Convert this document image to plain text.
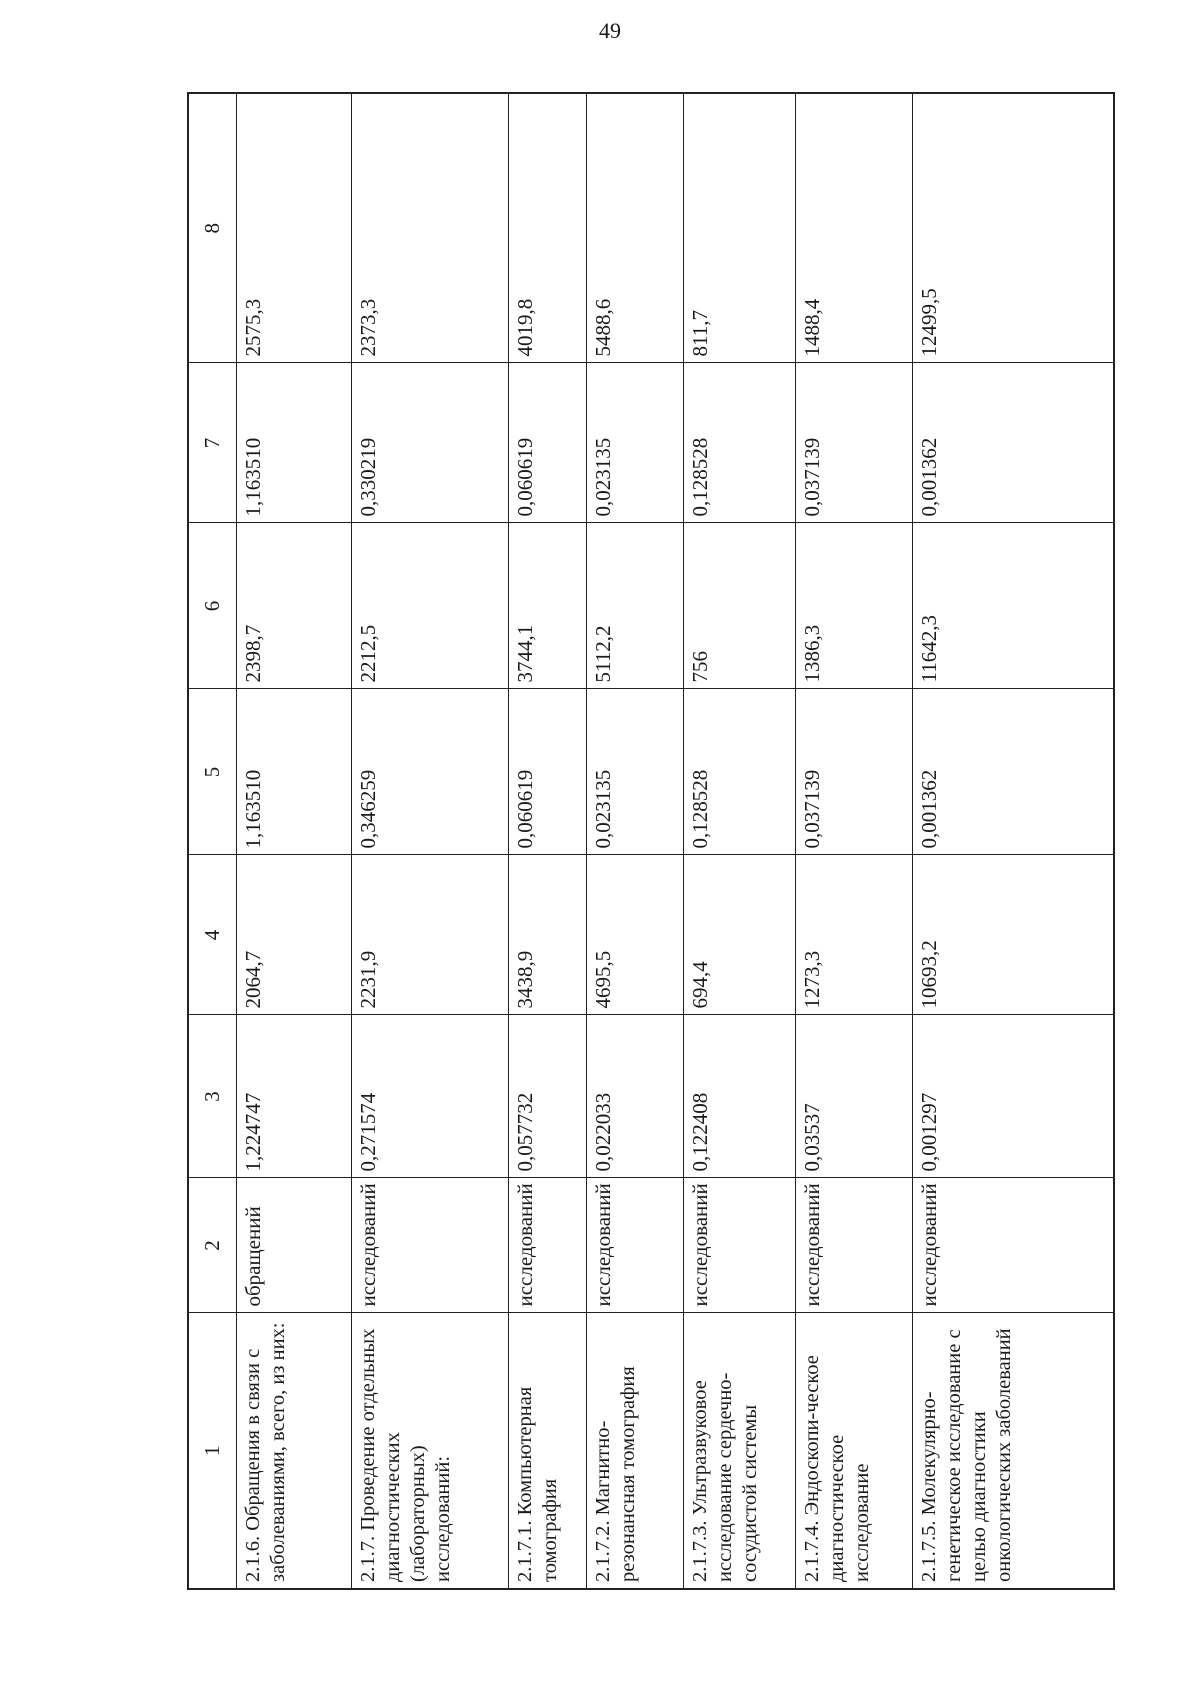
49
1	2	3	4	5	6	7	8
2.1.6. Обращения в связи с заболеваниями, всего, из них:	обращений	1,224747	2064,7	1,163510	2398,7	1,163510	2575,3
2.1.7. Проведение отдельных диагностических (лабораторных) исследований:	исследований	0,271574	2231,9	0,346259	2212,5	0,330219	2373,3
2.1.7.1. Компьютерная томография	исследований	0,057732	3438,9	0,060619	3744,1	0,060619	4019,8
2.1.7.2. Магнитно-резонансная томография	исследований	0,022033	4695,5	0,023135	5112,2	0,023135	5488,6
2.1.7.3. Ультразвуковое исследование сердечно-сосудистой системы	исследований	0,122408	694,4	0,128528	756	0,128528	811,7
2.1.7.4. Эндоскопи-ческое диагностическое исследование	исследований	0,03537	1273,3	0,037139	1386,3	0,037139	1488,4
2.1.7.5. Молекулярно-генетическое исследование с целью диагностики онкологических заболеваний	исследований	0,001297	10693,2	0,001362	11642,3	0,001362	12499,5
